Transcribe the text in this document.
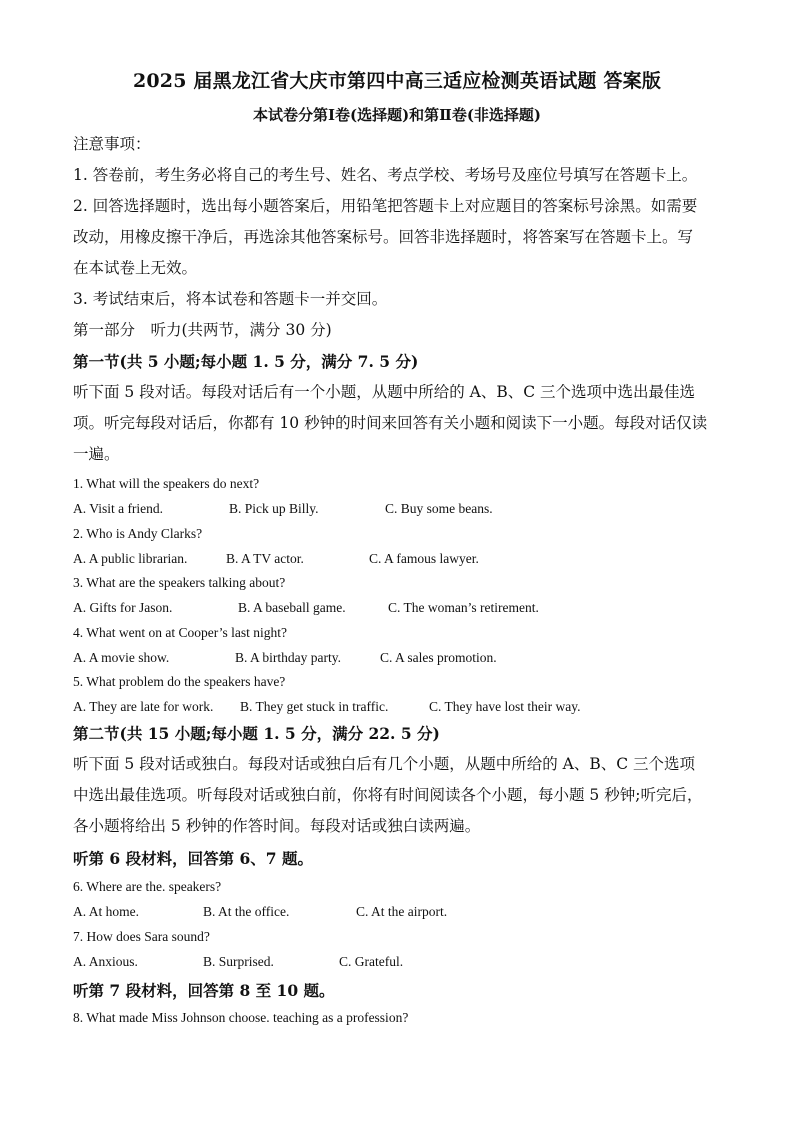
2025 届黑龙江省大庆市第四中高三适应检测英语试题 答案版
本试卷分第Ⅰ卷(选择题)和第Ⅱ卷(非选择题)
注意事项：
1. 答卷前，考生务必将自己的考生号、姓名、考点学校、考场号及座位号填写在答题卡上。
2. 回答选择题时，选出每小题答案后，用铅笔把答题卡上对应题目的答案标号涂黑。如需要
改动，用橡皮擦干净后，再选涂其他答案标号。回答非选择题时，将答案写在答题卡上。写
在本试卷上无效。
3. 考试结束后，将本试卷和答题卡一并交回。
第一部分　听力(共两节，满分 30 分)
第一节(共 5 小题;每小题 1. 5 分，满分 7. 5 分)
听下面 5 段对话。每段对话后有一个小题，从题中所给的 A、B、C 三个选项中选出最佳选
项。听完每段对话后，你都有 10 秒钟的时间来回答有关小题和阅读下一小题。每段对话仅读
一遍。
1. What will the speakers do next?
A. Visit a friend.	B. Pick up Billy.	C. Buy some beans.
2. Who is Andy Clarks?
A. A public librarian.	B. A TV actor.	C. A famous lawyer.
3. What are the speakers talking about?
A. Gifts for Jason.	B. A baseball game.	C. The woman’s retirement.
4. What went on at Cooper’s last night?
A. A movie show.	B. A birthday party.	C. A sales promotion.
5. What problem do the speakers have?
A. They are late for work. B. They get stuck in traffic.	C. They have lost their way.
第二节(共 15 小题;每小题 1. 5 分，满分 22. 5 分)
听下面 5 段对话或独白。每段对话或独白后有几个小题，从题中所给的 A、B、C 三个选项
中选出最佳选项。听每段对话或独白前，你将有时间阅读各个小题，每小题 5 秒钟;听完后，
各小题将给出 5 秒钟的作答时间。每段对话或独白读两遍。
听第 6 段材料，回答第 6、7 题。
6. Where are the. speakers?
A. At home.	B. At the office.	C. At the airport.
7. How does Sara sound?
A. Anxious.	B. Surprised.	C. Grateful.
听第 7 段材料，回答第 8 至 10 题。
8. What made Miss Johnson choose. teaching as a profession?
